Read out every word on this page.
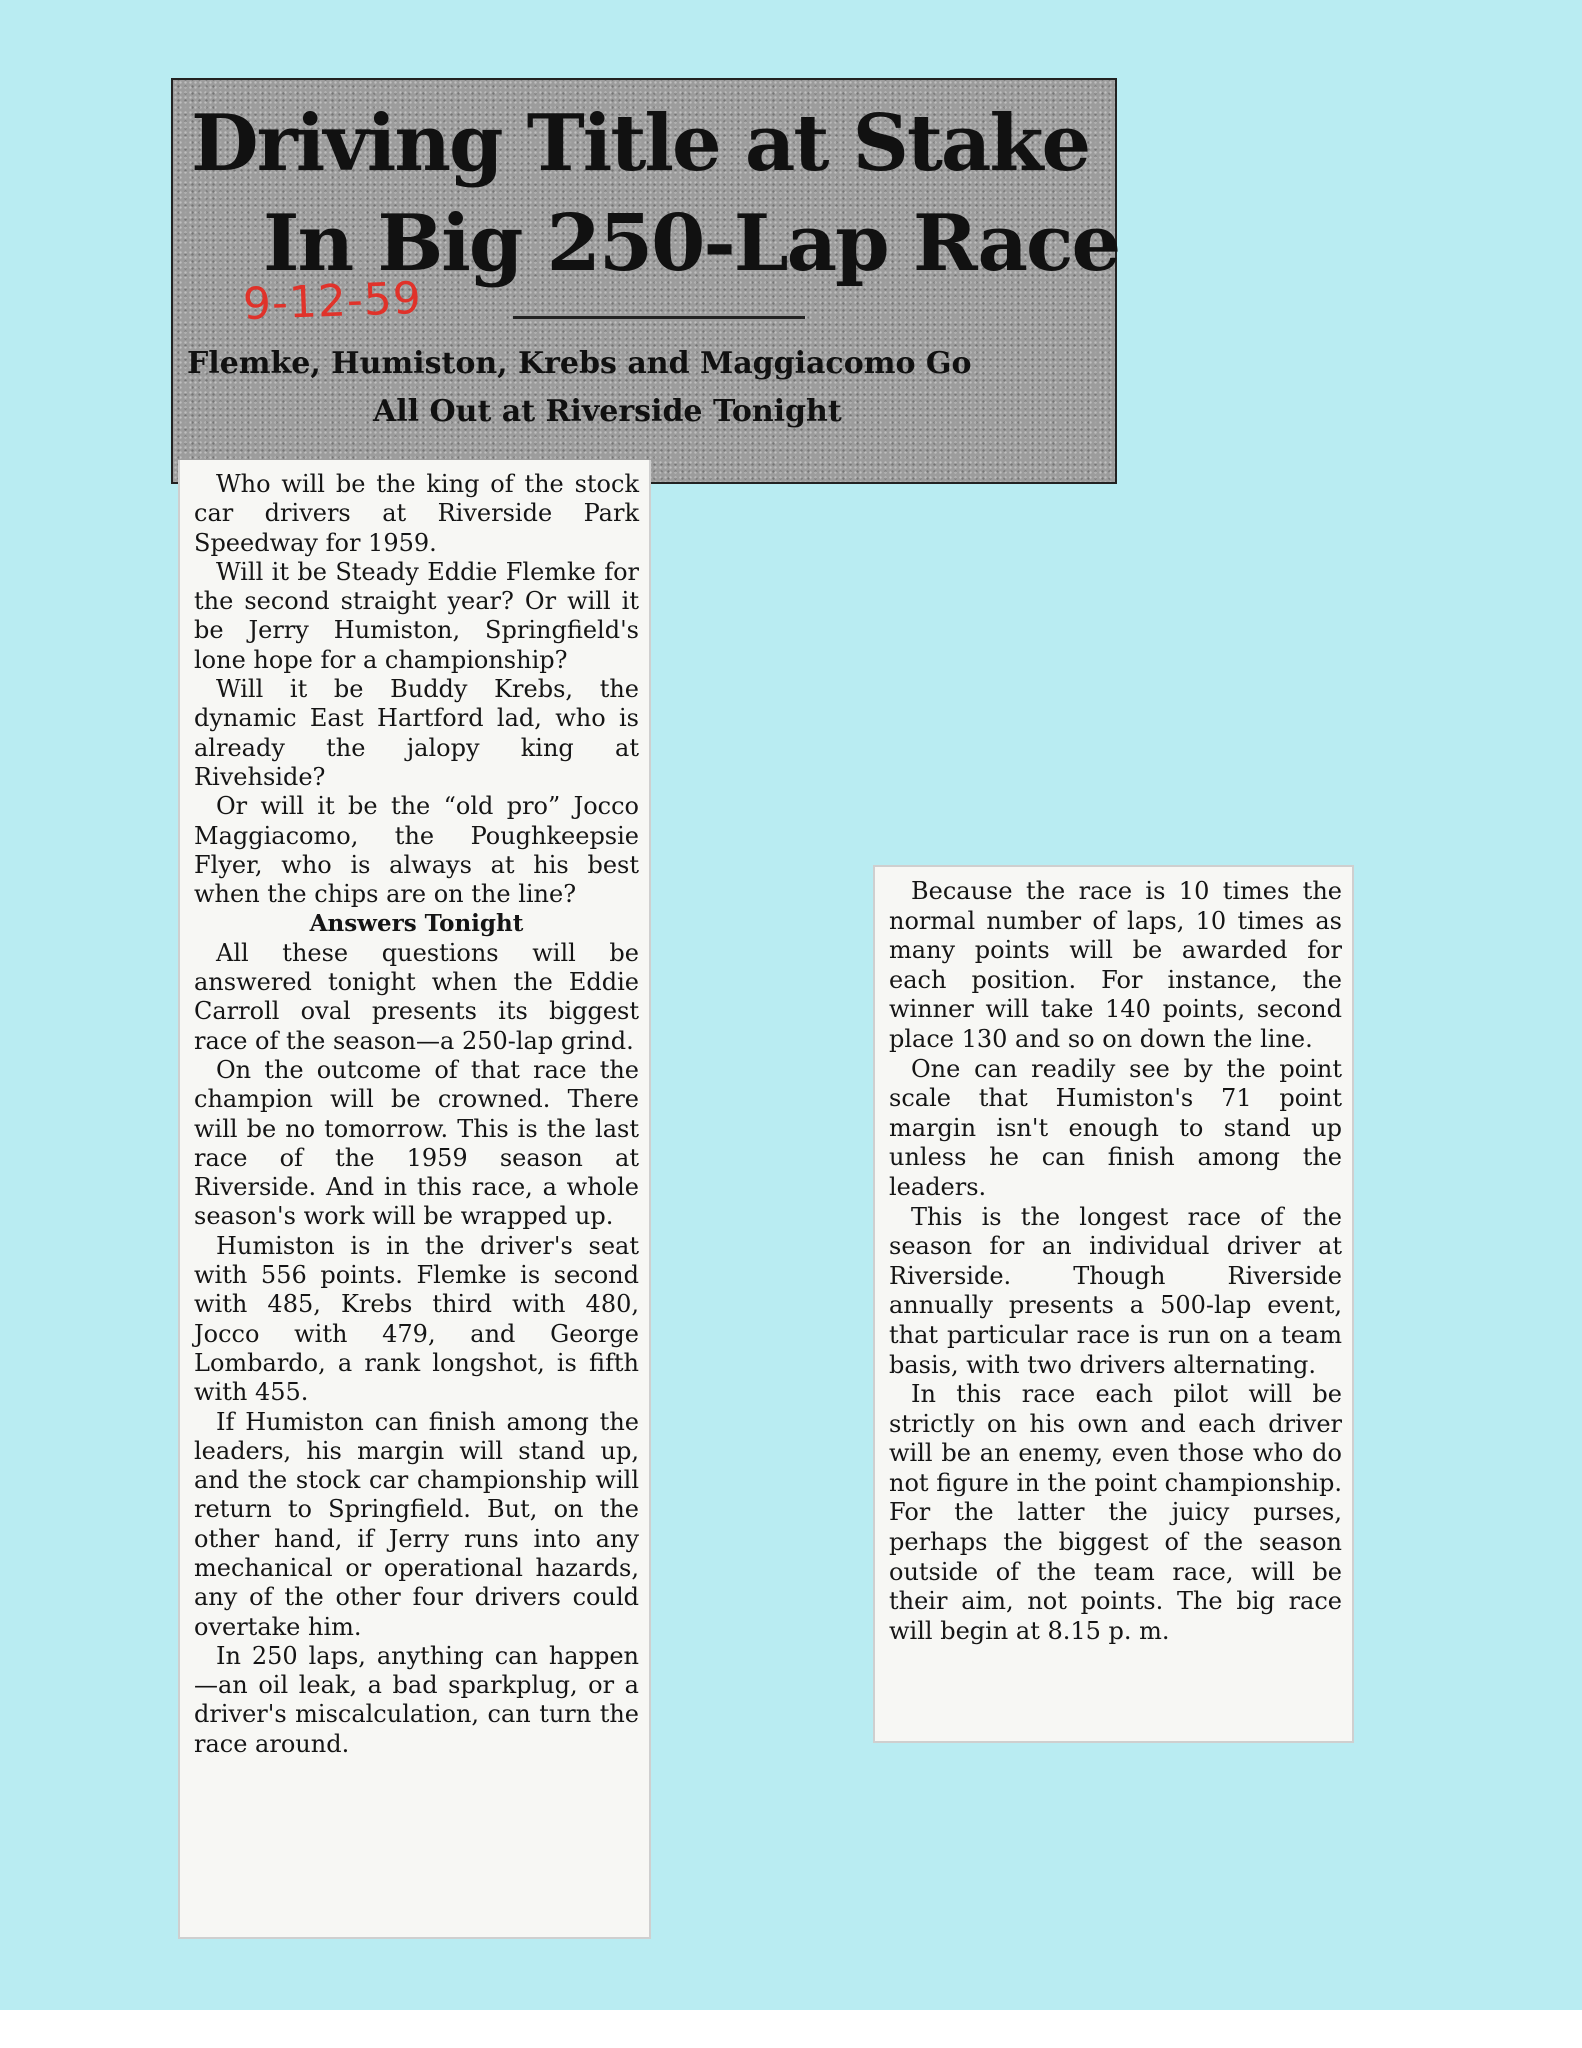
Driving Title at Stake
In Big 250-Lap Race
9-12-59
Flemke, Humiston, Krebs and Maggiacomo Go
All Out at Riverside Tonight

Who will be the king of the stock car drivers at Riverside Park Speedway for 1959.

Will it be Steady Eddie Flemke for the second straight year? Or will it be Jerry Humiston, Springfield's lone hope for a championship?

Will it be Buddy Krebs, the dynamic East Hartford lad, who is already the jalopy king at Rivehside?

Or will it be the “old pro” Jocco Maggiacomo, the Poughkeepsie Flyer, who is always at his best when the chips are on the line?

Answers Tonight

All these questions will be answered tonight when the Eddie Carroll oval presents its biggest race of the season—a 250-lap grind.

On the outcome of that race the champion will be crowned. There will be no tomorrow. This is the last race of the 1959 season at Riverside. And in this race, a whole season's work will be wrapped up.

Humiston is in the driver's seat with 556 points. Flemke is second with 485, Krebs third with 480, Jocco with 479, and George Lombardo, a rank longshot, is fifth with 455.

If Humiston can finish among the leaders, his margin will stand up, and the stock car championship will return to Springfield. But, on the other hand, if Jerry runs into any mechanical or operational hazards, any of the other four drivers could overtake him.

In 250 laps, anything can happen—an oil leak, a bad sparkplug, or a driver's miscalculation, can turn the race around.

Because the race is 10 times the normal number of laps, 10 times as many points will be awarded for each position. For instance, the winner will take 140 points, second place 130 and so on down the line.

One can readily see by the point scale that Humiston's 71 point margin isn't enough to stand up unless he can finish among the leaders.

This is the longest race of the season for an individual driver at Riverside. Though Riverside annually presents a 500-lap event, that particular race is run on a team basis, with two drivers alternating.

In this race each pilot will be strictly on his own and each driver will be an enemy, even those who do not figure in the point championship. For the latter the juicy purses, perhaps the biggest of the season outside of the team race, will be their aim, not points. The big race will begin at 8.15 p. m.
